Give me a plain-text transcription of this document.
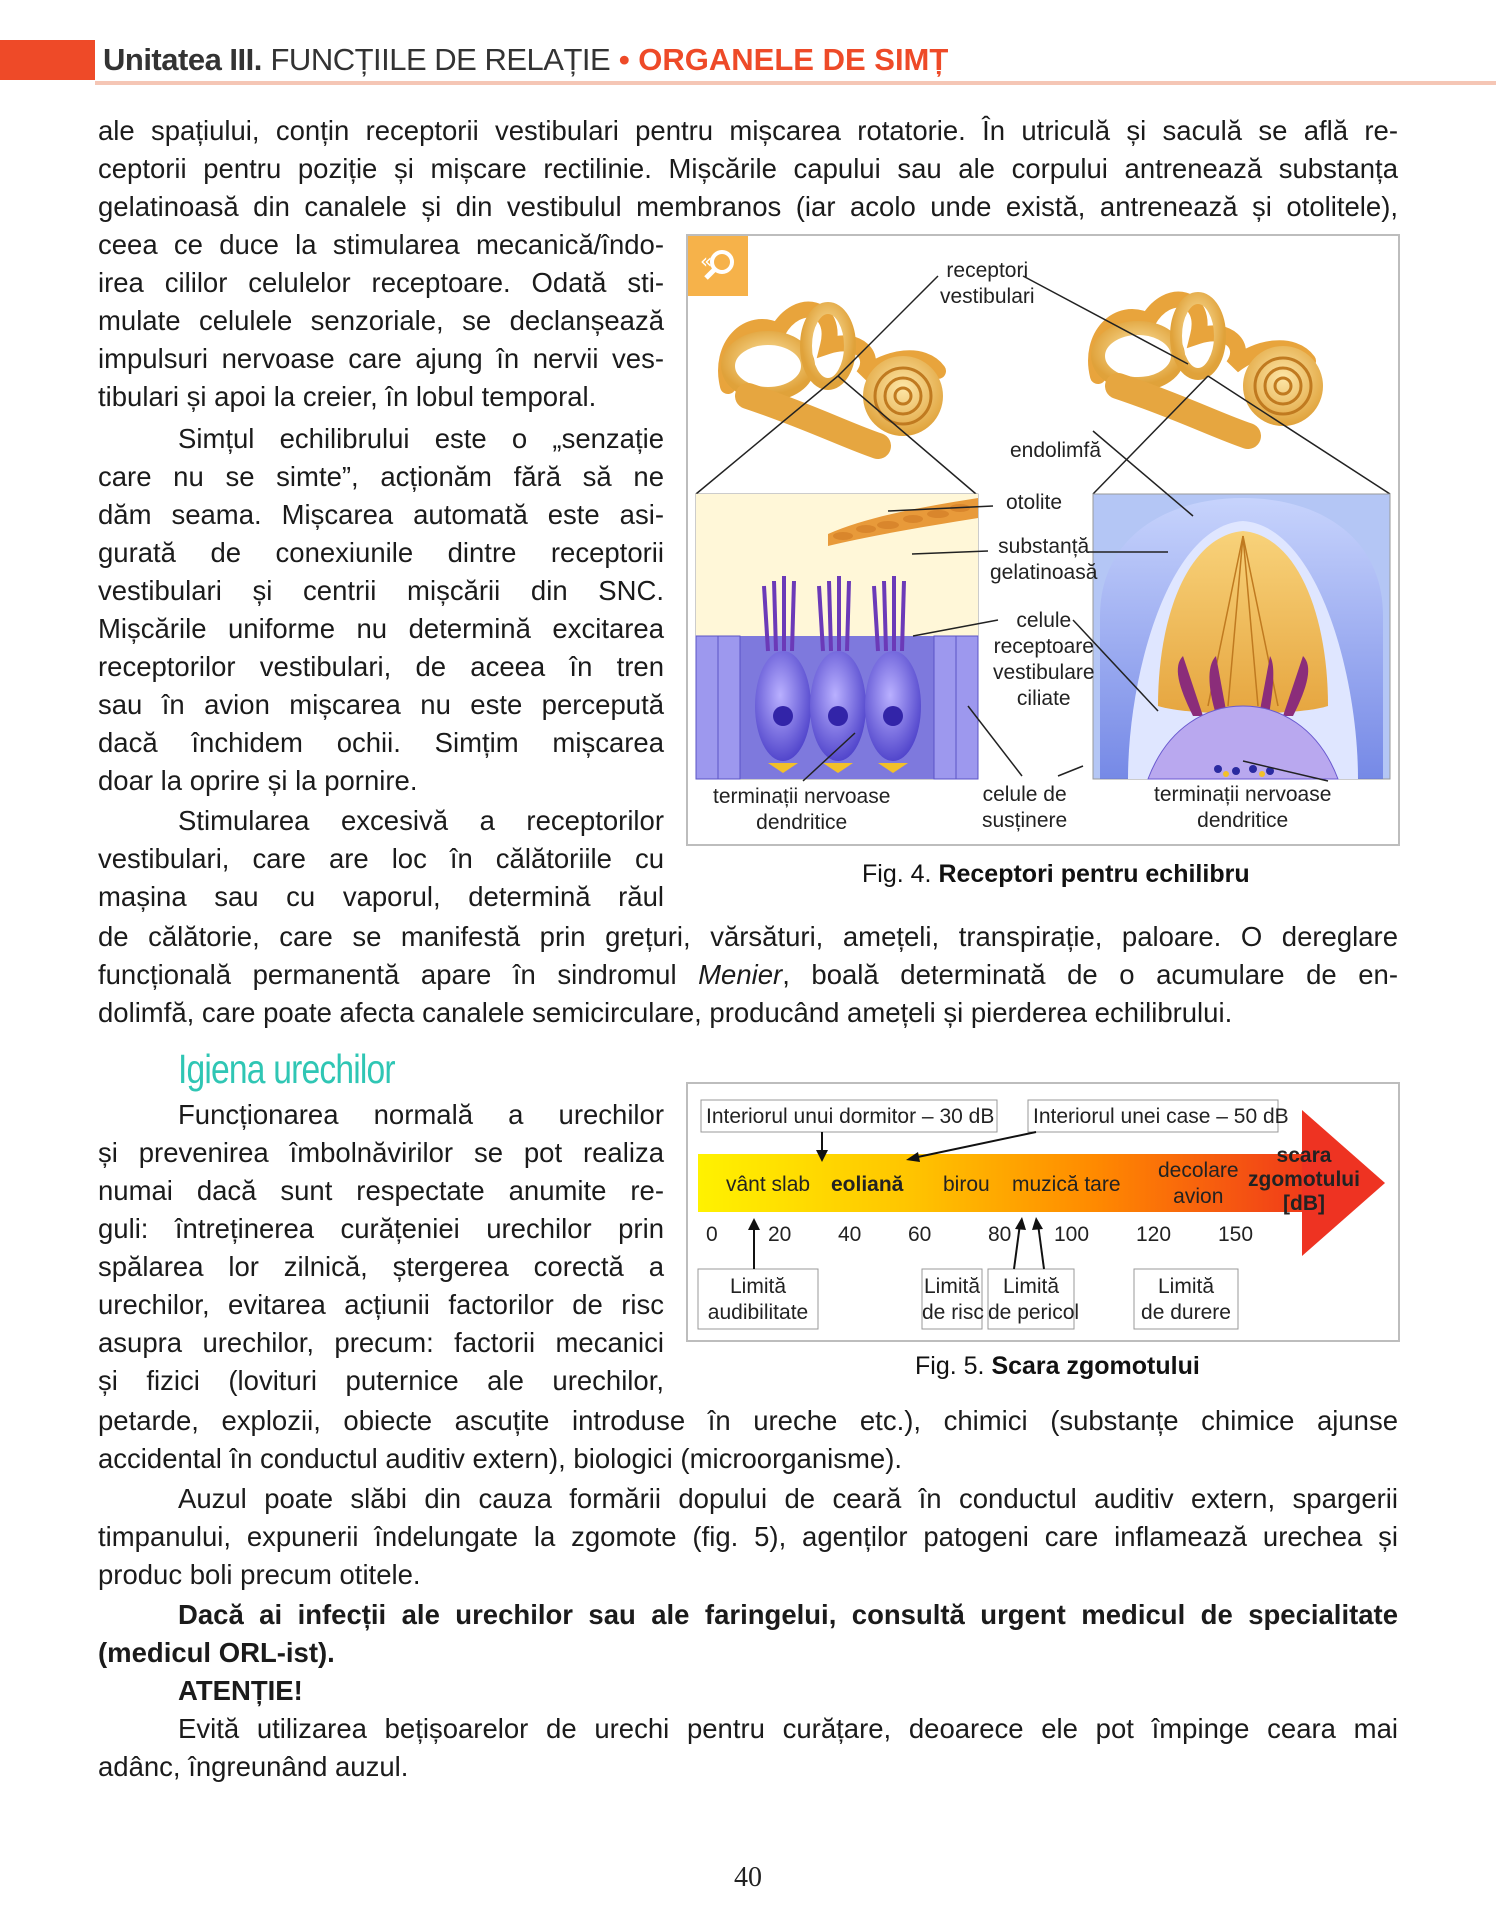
Unitatea III. FUNCȚIILE DE RELAȚIE • ORGANELE DE SIMȚ

ale spațiului, conțin receptorii vestibulari pentru mișcarea rotatorie. În utriculă și saculă se află re-

ceptorii pentru poziție și mișcare rectilinie. Mișcările capului sau ale corpului antrenează substanța

gelatinoasă din canalele și din vestibulul membranos (iar acolo unde există, antrenează și otolitele),

ceea ce duce la stimularea mecanică/îndo-

irea cililor celulelor receptoare. Odată sti-

mulate celulele senzoriale, se declanșează

impulsuri nervoase care ajung în nervii ves-

tibulari și apoi la creier, în lobul temporal.

Simțul echilibrului este o „senzație

care nu se simte”, acționăm fără să ne

dăm seama. Mișcarea automată este asi-

gurată de conexiunile dintre receptorii

vestibulari și centrii mișcării din SNC.

Mișcările uniforme nu determină excitarea

receptorilor vestibulari, de aceea în tren

sau în avion mișcarea nu este percepută

dacă închidem ochii. Simțim mișcarea

doar la oprire și la pornire.

Stimularea excesivă a receptorilor

vestibulari, care are loc în călătoriile cu

mașina sau cu vaporul, determină răul

de călătorie, care se manifestă prin grețuri, vărsături, amețeli, transpirație, paloare. O dereglare

funcțională permanentă apare în sindromul Menier, boală determinată de o acumulare de en-

dolimfă, care poate afecta canalele semicirculare, producând amețeli și pierderea echilibrului.

«	receptori
vestibulari
endolimfă
otolite
substanță
gelatinoasă
celule
receptoare
vestibulare
ciliate
terminații nervoase
dendritice
celule de
susținere
terminații nervoase
dendritice
Fig. 4. Receptori pentru echilibru
Igiena urechilor

Funcționarea normală a urechilor

și prevenirea îmbolnăvirilor se pot realiza

numai dacă sunt respectate anumite re-

guli: întreținerea curățeniei urechilor prin

spălarea lor zilnică, ștergerea corectă a

urechilor, evitarea acțiunii factorilor de risc

asupra urechilor, precum: factorii mecanici

și fizici (lovituri puternice ale urechilor,

petarde, explozii, obiecte ascuțite introduse în ureche etc.), chimici (substanțe chimice ajunse

accidental în conductul auditiv extern), biologici (microorganisme).

Interiorul unui dormitor – 30 dB Interiorul unei case – 50 dB
vânt slab eoliană birou muzică tare
decolare
avion
scara
zgomotului
[dB]
0 20 40 60	80 100 120 150
Limită
audibilitate
Limită
de risc
Limită
de pericol
Limită
de durere
Fig. 5. Scara zgomotului

Auzul poate slăbi din cauza formării dopului de ceară în conductul auditiv extern, spargerii

timpanului, expunerii îndelungate la zgomote (fig. 5), agenților patogeni care inflamează urechea și

produc boli precum otitele.

Dacă ai infecții ale urechilor sau ale faringelui, consultă urgent medicul de specialitate

(medicul ORL-ist).

ATENȚIE!

Evită utilizarea bețișoarelor de urechi pentru curățare, deoarece ele pot împinge ceara mai

adânc, îngreunând auzul.

40
